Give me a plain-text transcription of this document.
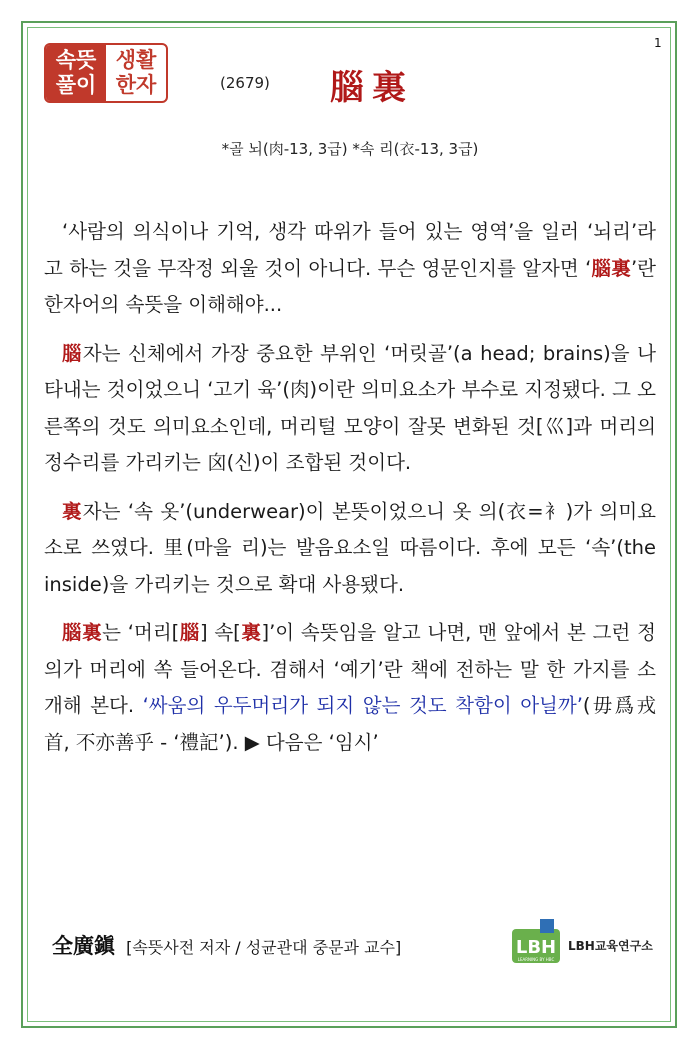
1
속뜻
풀이
생활
한자	(2679) 腦裏
*골 뇌(肉-13, 3급) *속 리(衣-13, 3급)

‘사람의 의식이나 기억, 생각 따위가 들어 있는 영역’을 일러 ‘뇌리’라고 하는 것을 무작정 외울 것이 아니다. 무슨 영문인지를 알자면 ‘腦裏’란 한자어의 속뜻을 이해해야...

腦자는 신체에서 가장 중요한 부위인 ‘머릿골’(a head; brains)을 나타내는 것이었으니 ‘고기 육’(肉)이란 의미요소가 부수로 지정됐다. 그 오른쪽의 것도 의미요소인데, 머리털 모양이 잘못 변화된 것[巛]과 머리의 정수리를 가리키는 囟(신)이 조합된 것이다.

裏자는 ‘속 옷’(underwear)이 본뜻이었으니 옷 의(衣=衤)가 의미요소로 쓰였다. 里(마을 리)는 발음요소일 따름이다. 후에 모든 ‘속’(the inside)을 가리키는 것으로 확대 사용됐다.

腦裏는 ‘머리[腦] 속[裏]’이 속뜻임을 알고 나면, 맨 앞에서 본 그런 정의가 머리에 쏙 들어온다. 겸해서 ‘예기’란 책에 전하는 말 한 가지를 소개해 본다. ‘싸움의 우두머리가 되지 않는 것도 착함이 아닐까’(毋爲戎首, 不亦善乎 - ‘禮記’). ▶ 다음은 ‘임시’

全廣鎭 [속뜻사전 저자 / 성균관대 중문과 교수]	LBH
LEARNING BY HBC
LBH교육연구소
